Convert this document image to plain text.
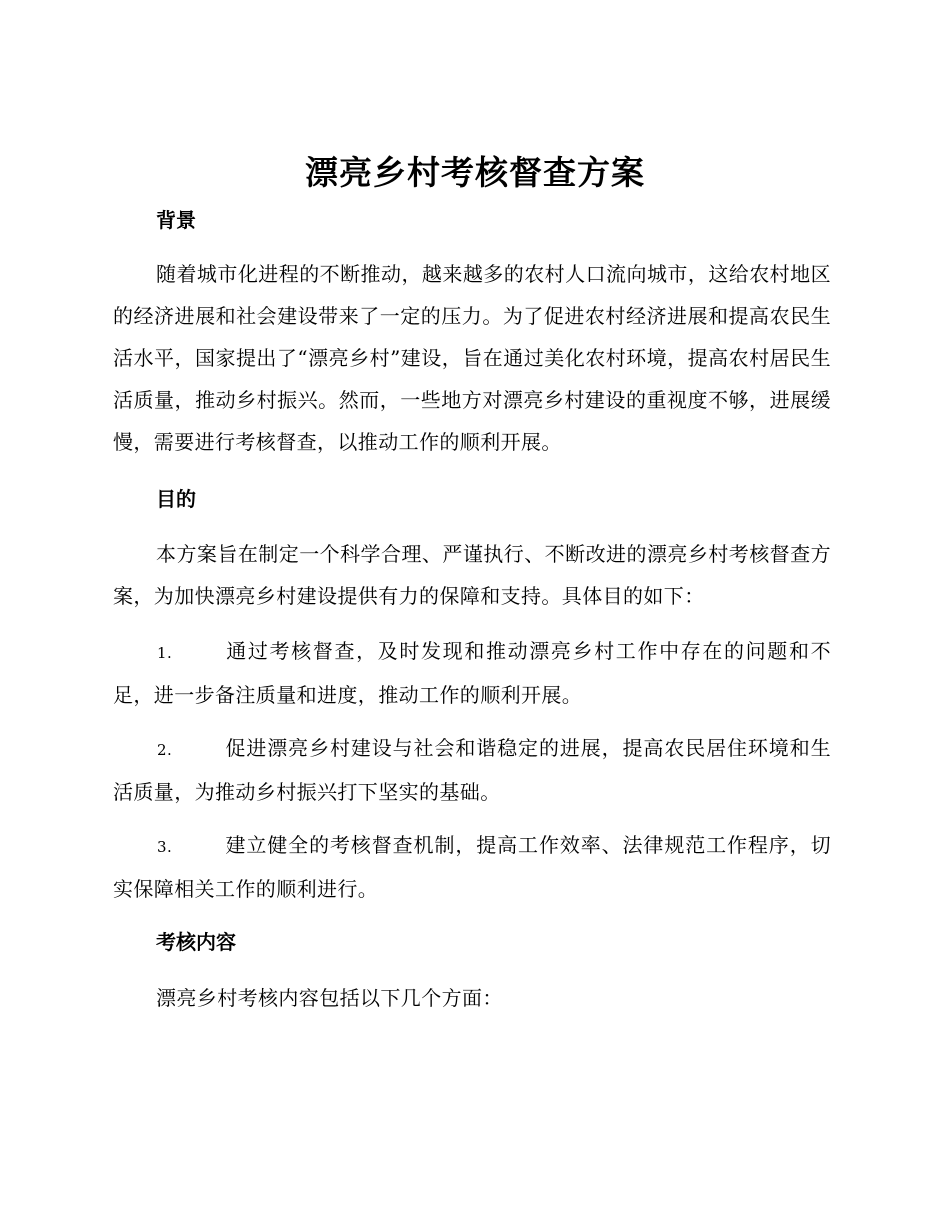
漂亮乡村考核督查方案
背景
随着城市化进程的不断推动，越来越多的农村人口流向城市，这给农村地区的经济进展和社会建设带来了一定的压力。为了促进农村经济进展和提高农民生活水平，国家提出了“漂亮乡村”建设，旨在通过美化农村环境，提高农村居民生活质量，推动乡村振兴。然而，一些地方对漂亮乡村建设的重视度不够，进展缓慢，需要进行考核督查，以推动工作的顺利开展。
目的
本方案旨在制定一个科学合理、严谨执行、不断改进的漂亮乡村考核督查方案，为加快漂亮乡村建设提供有力的保障和支持。具体目的如下：
1.	通过考核督查，及时发现和推动漂亮乡村工作中存在的问题和不足，进一步备注质量和进度，推动工作的顺利开展。
2.	促进漂亮乡村建设与社会和谐稳定的进展，提高农民居住环境和生活质量，为推动乡村振兴打下坚实的基础。
3.	建立健全的考核督查机制，提高工作效率、法律规范工作程序，切实保障相关工作的顺利进行。
考核内容
漂亮乡村考核内容包括以下几个方面：
